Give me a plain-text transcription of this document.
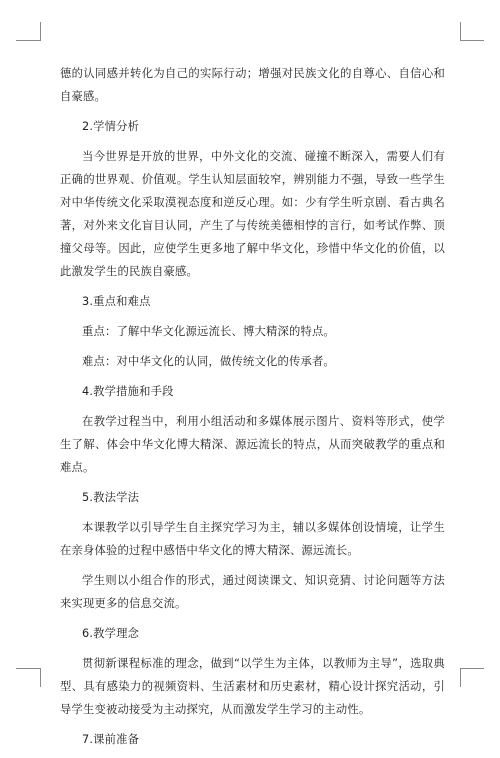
德的认同感并转化为自己的实际行动；增强对民族文化的自尊心、自信心和自豪感。

2.学情分析

当今世界是开放的世界，中外文化的交流、碰撞不断深入，需要人们有正确的世界观、价值观。学生认知层面较窄，辨别能力不强，导致一些学生对中华传统文化采取漠视态度和逆反心理。如：少有学生听京剧、看古典名著，对外来文化盲目认同，产生了与传统美德相悖的言行，如考试作弊、顶撞父母等。因此，应使学生更多地了解中华文化，珍惜中华文化的价值，以此激发学生的民族自豪感。

3.重点和难点

重点：了解中华文化源远流长、博大精深的特点。

难点：对中华文化的认同，做传统文化的传承者。

4.教学措施和手段

在教学过程当中，利用小组活动和多媒体展示图片、资料等形式，使学生了解、体会中华文化博大精深、源远流长的特点，从而突破教学的重点和难点。

5.教法学法

本课教学以引导学生自主探究学习为主，辅以多媒体创设情境，让学生在亲身体验的过程中感悟中华文化的博大精深、源远流长。

学生则以小组合作的形式，通过阅读课文、知识竞猜、讨论问题等方法来实现更多的信息交流。

6.教学理念

贯彻新课程标准的理念，做到“以学生为主体，以教师为主导”，选取典型、具有感染力的视频资料、生活素材和历史素材，精心设计探究活动，引导学生变被动接受为主动探究，从而激发学生学习的主动性。

7.课前准备
